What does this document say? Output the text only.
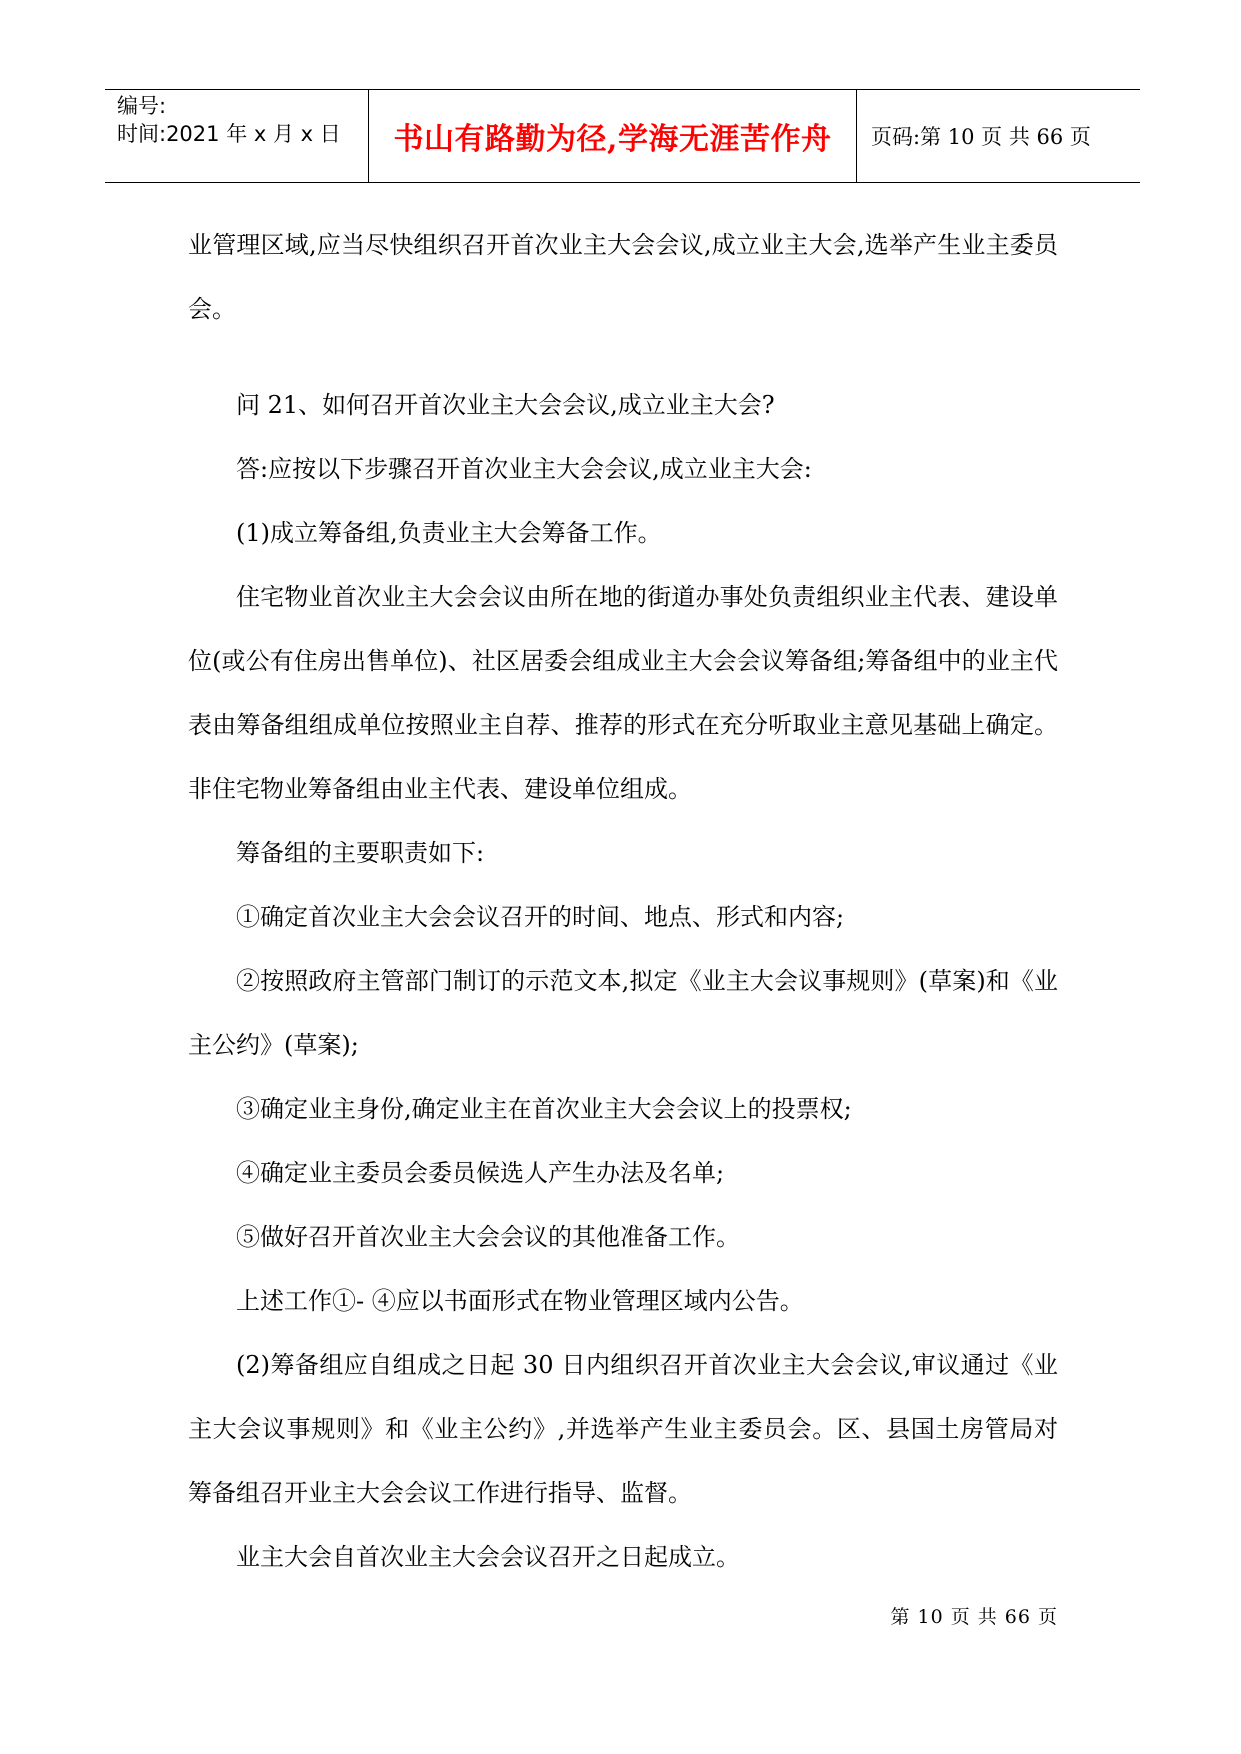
编号:
时间:2021 年 x 月 x 日	书山有路勤为径,学海无涯苦作舟	页码:第 10 页 共 66 页

业管理区域,应当尽快组织召开首次业主大会会议,成立业主大会,选举产生业主委员会。

问 21、如何召开首次业主大会会议,成立业主大会?

答:应按以下步骤召开首次业主大会会议,成立业主大会:

(1)成立筹备组,负责业主大会筹备工作。

住宅物业首次业主大会会议由所在地的街道办事处负责组织业主代表、建设单位(或公有住房出售单位)、社区居委会组成业主大会会议筹备组;筹备组中的业主代表由筹备组组成单位按照业主自荐、推荐的形式在充分听取业主意见基础上确定。非住宅物业筹备组由业主代表、建设单位组成。

筹备组的主要职责如下:

①确定首次业主大会会议召开的时间、地点、形式和内容;

②按照政府主管部门制订的示范文本,拟定《业主大会议事规则》(草案)和《业主公约》(草案);

③确定业主身份,确定业主在首次业主大会会议上的投票权;

④确定业主委员会委员候选人产生办法及名单;

⑤做好召开首次业主大会会议的其他准备工作。

上述工作①- ④应以书面形式在物业管理区域内公告。

(2)筹备组应自组成之日起 30 日内组织召开首次业主大会会议,审议通过《业主大会议事规则》和《业主公约》,并选举产生业主委员会。区、县国土房管局对筹备组召开业主大会会议工作进行指导、监督。

业主大会自首次业主大会会议召开之日起成立。

第 10 页 共 66 页
